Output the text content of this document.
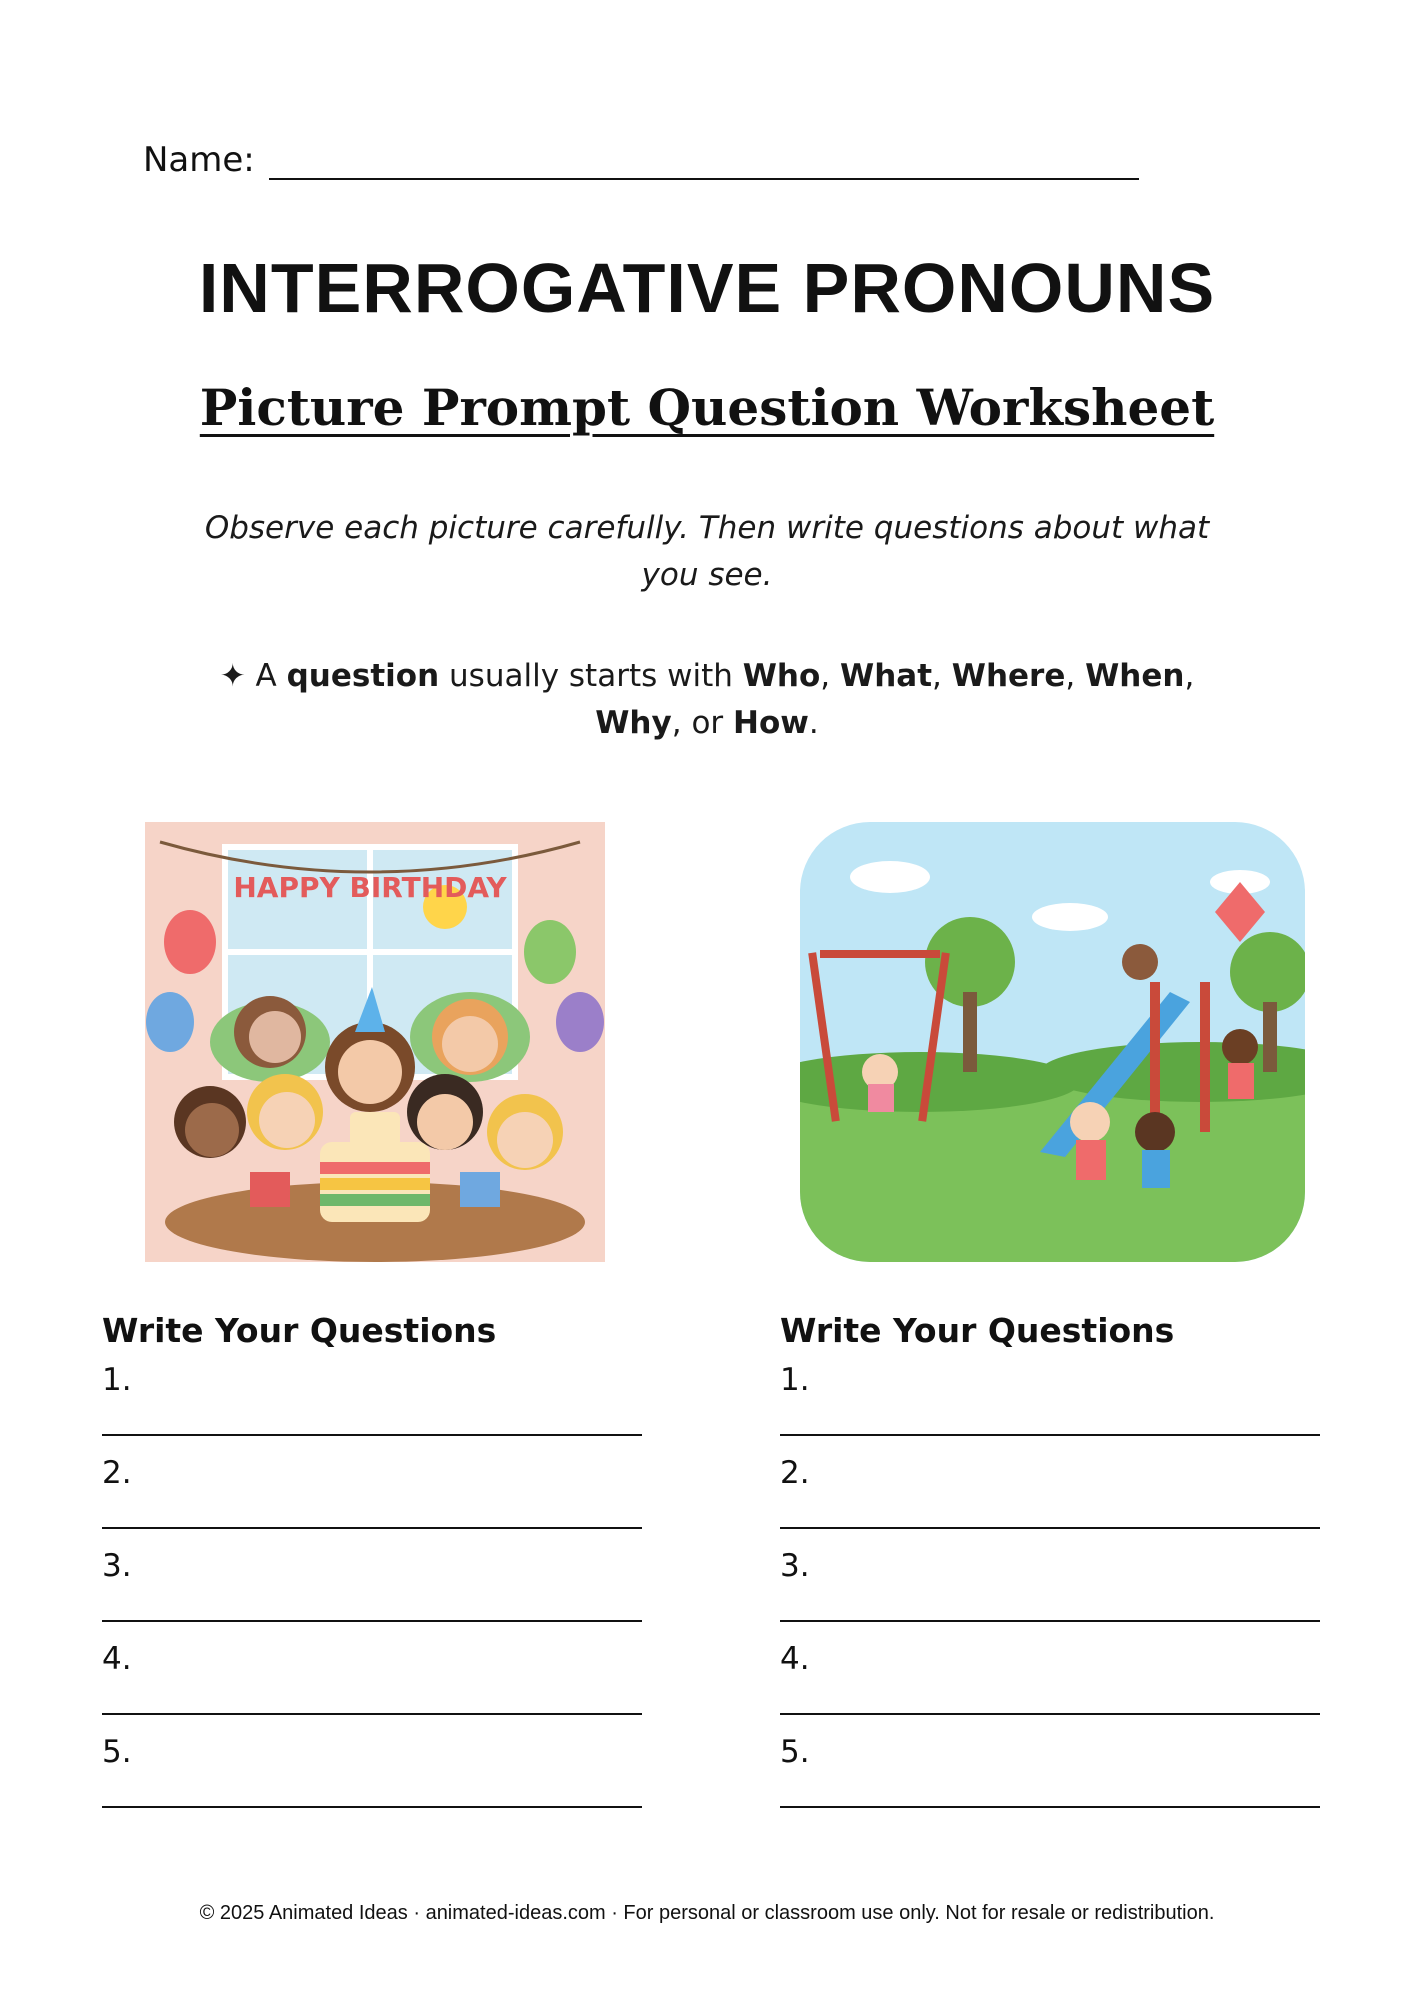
Name:
INTERROGATIVE PRONOUNS
Picture Prompt Question Worksheet
Observe each picture carefully. Then write questions about what you see.
✦ A question usually starts with Who, What, Where, When,
Why, or How.
HAPPY BIRTHDAY
Write Your Questions
1.
2.
3.
4.
5.
Write Your Questions
1.
2.
3.
4.
5.
© 2025 Animated Ideas · animated-ideas.com · For personal or classroom use only. Not for resale or redistribution.
